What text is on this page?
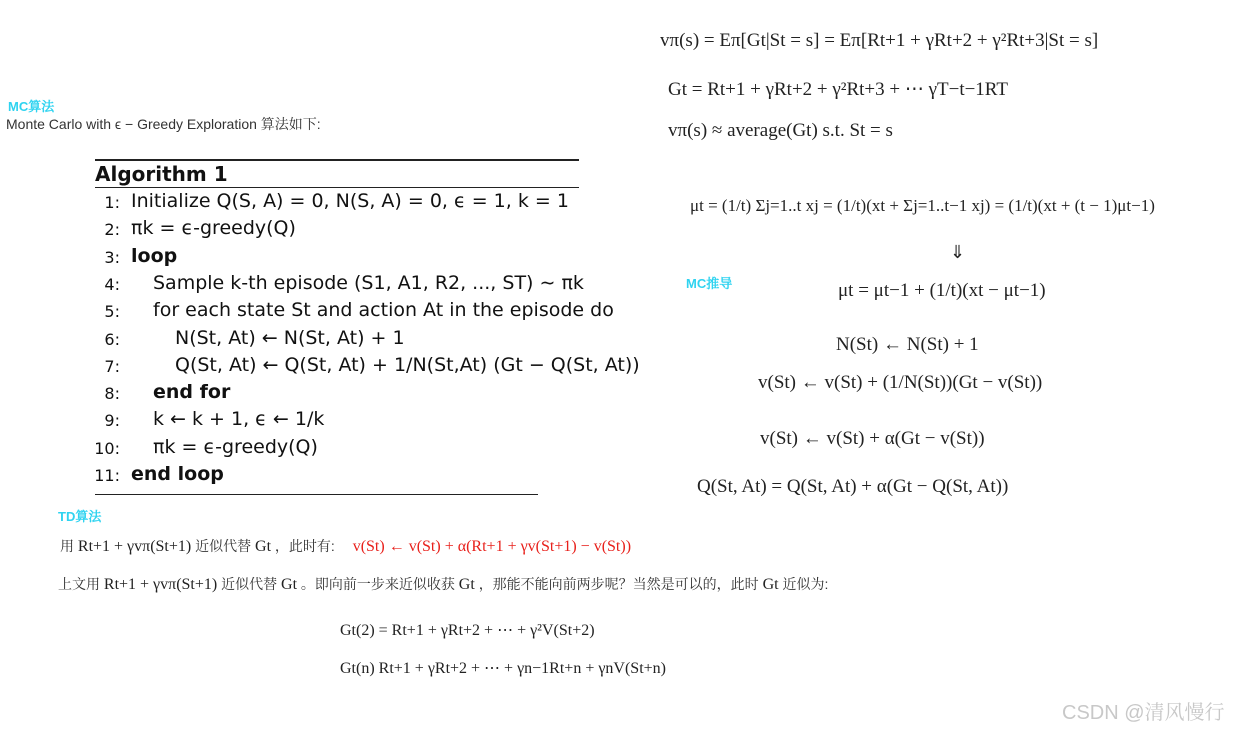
MC算法
Monte Carlo with ϵ − Greedy Exploration 算法如下:
Algorithm 1
1: Initialize Q(S, A) = 0, N(S, A) = 0, ϵ = 1, k = 1
2: πk = ϵ-greedy(Q)
3: loop
4: Sample k-th episode (S1, A1, R2, ..., ST) ∼ πk
5: for each state St and action At in the episode do
6:	N(St, At) ← N(St, At) + 1
7:	Q(St, At) ← Q(St, At) + 1/N(St,At) (Gt − Q(St, At))
8: end for
9: k ← k + 1, ϵ ← 1/k
10: πk = ϵ-greedy(Q)
11: end loop
vπ(s) = Eπ[Gt|St = s] = Eπ[Rt+1 + γRt+2 + γ²Rt+3|St = s]
Gt = Rt+1 + γRt+2 + γ²Rt+3 + ⋯ γT−t−1RT
vπ(s) ≈ average(Gt) s.t. St = s
μt = (1/t) Σj=1..t xj = (1/t)(xt + Σj=1..t−1 xj) = (1/t)(xt + (t − 1)μt−1)
⇓
MC推导	μt = μt−1 + (1/t)(xt − μt−1)
N(St) ← N(St) + 1
v(St) ← v(St) + (1/N(St))(Gt − v(St))
v(St) ← v(St) + α(Gt − v(St))
Q(St, At) = Q(St, At) + α(Gt − Q(St, At))
TD算法
用 Rt+1 + γvπ(St+1) 近似代替 Gt ，此时有: v(St) ← v(St) + α(Rt+1 + γv(St+1) − v(St))
上文用 Rt+1 + γvπ(St+1) 近似代替 Gt 。即向前一步来近似收获 Gt ，那能不能向前两步呢？当然是可以的，此时 Gt 近似为:
Gt(2) = Rt+1 + γRt+2 + ⋯ + γ²V(St+2)
Gt(n) Rt+1 + γRt+2 + ⋯ + γn−1Rt+n + γnV(St+n)
CSDN @清风慢行
